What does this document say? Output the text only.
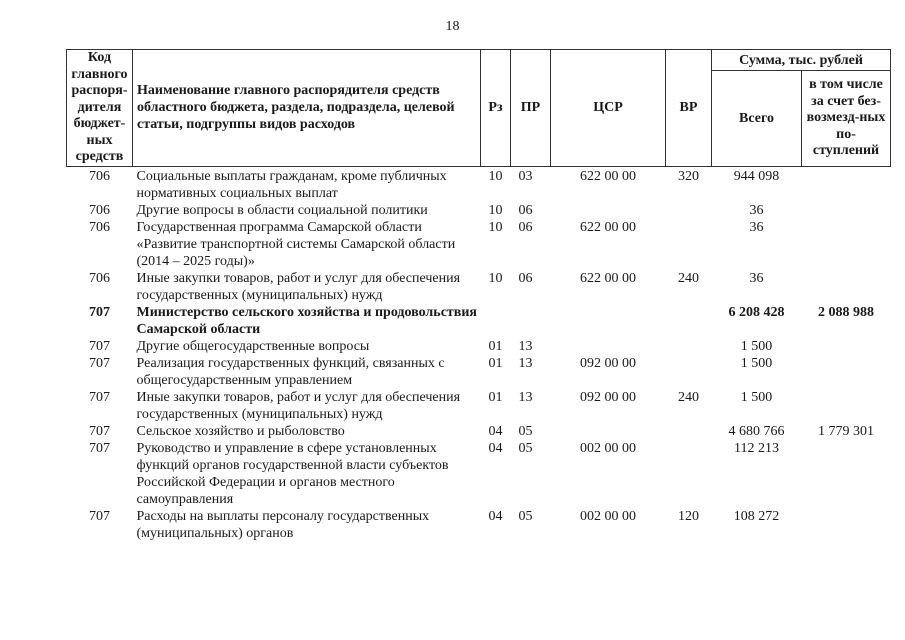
18
Код главного распоря-дителя бюджет-ных средств	Наименование главного распорядителя средств областного бюджета, раздела, подраздела, целевой статьи, подгруппы видов расходов	Рз	ПР	ЦСР	ВР	Сумма, тыс. рублей	
						Всего	в том числе за счет без-возмезд-ных по-ступлений
706	Социальные выплаты гражданам, кроме публичных нормативных социальных выплат	10	03	622 00 00	320	944 098	
706	Другие вопросы в области социальной политики	10	06			36	
706	Государственная программа Самарской области «Развитие транспортной системы Самарской области (2014 – 2025 годы)»	10	06	622 00 00		36	
706	Иные закупки товаров, работ и услуг для обеспечения государственных (муниципальных) нужд	10	06	622 00 00	240	36	
707	Министерство сельского хозяйства и продовольствия Самарской области					6 208 428	2 088 988
707	Другие общегосударственные вопросы	01	13			1 500	
707	Реализация государственных функций, связанных с общегосударственным управлением	01	13	092 00 00		1 500	
707	Иные закупки товаров, работ и услуг для обеспечения государственных (муниципальных) нужд	01	13	092 00 00	240	1 500	
707	Сельское хозяйство и рыболовство	04	05			4 680 766	1 779 301
707	Руководство и управление в сфере установленных функций органов государственной власти субъектов Российской Федерации и органов местного самоуправления	04	05	002 00 00		112 213	
707	Расходы на выплаты персоналу государственных (муниципальных) органов	04	05	002 00 00	120	108 272	
